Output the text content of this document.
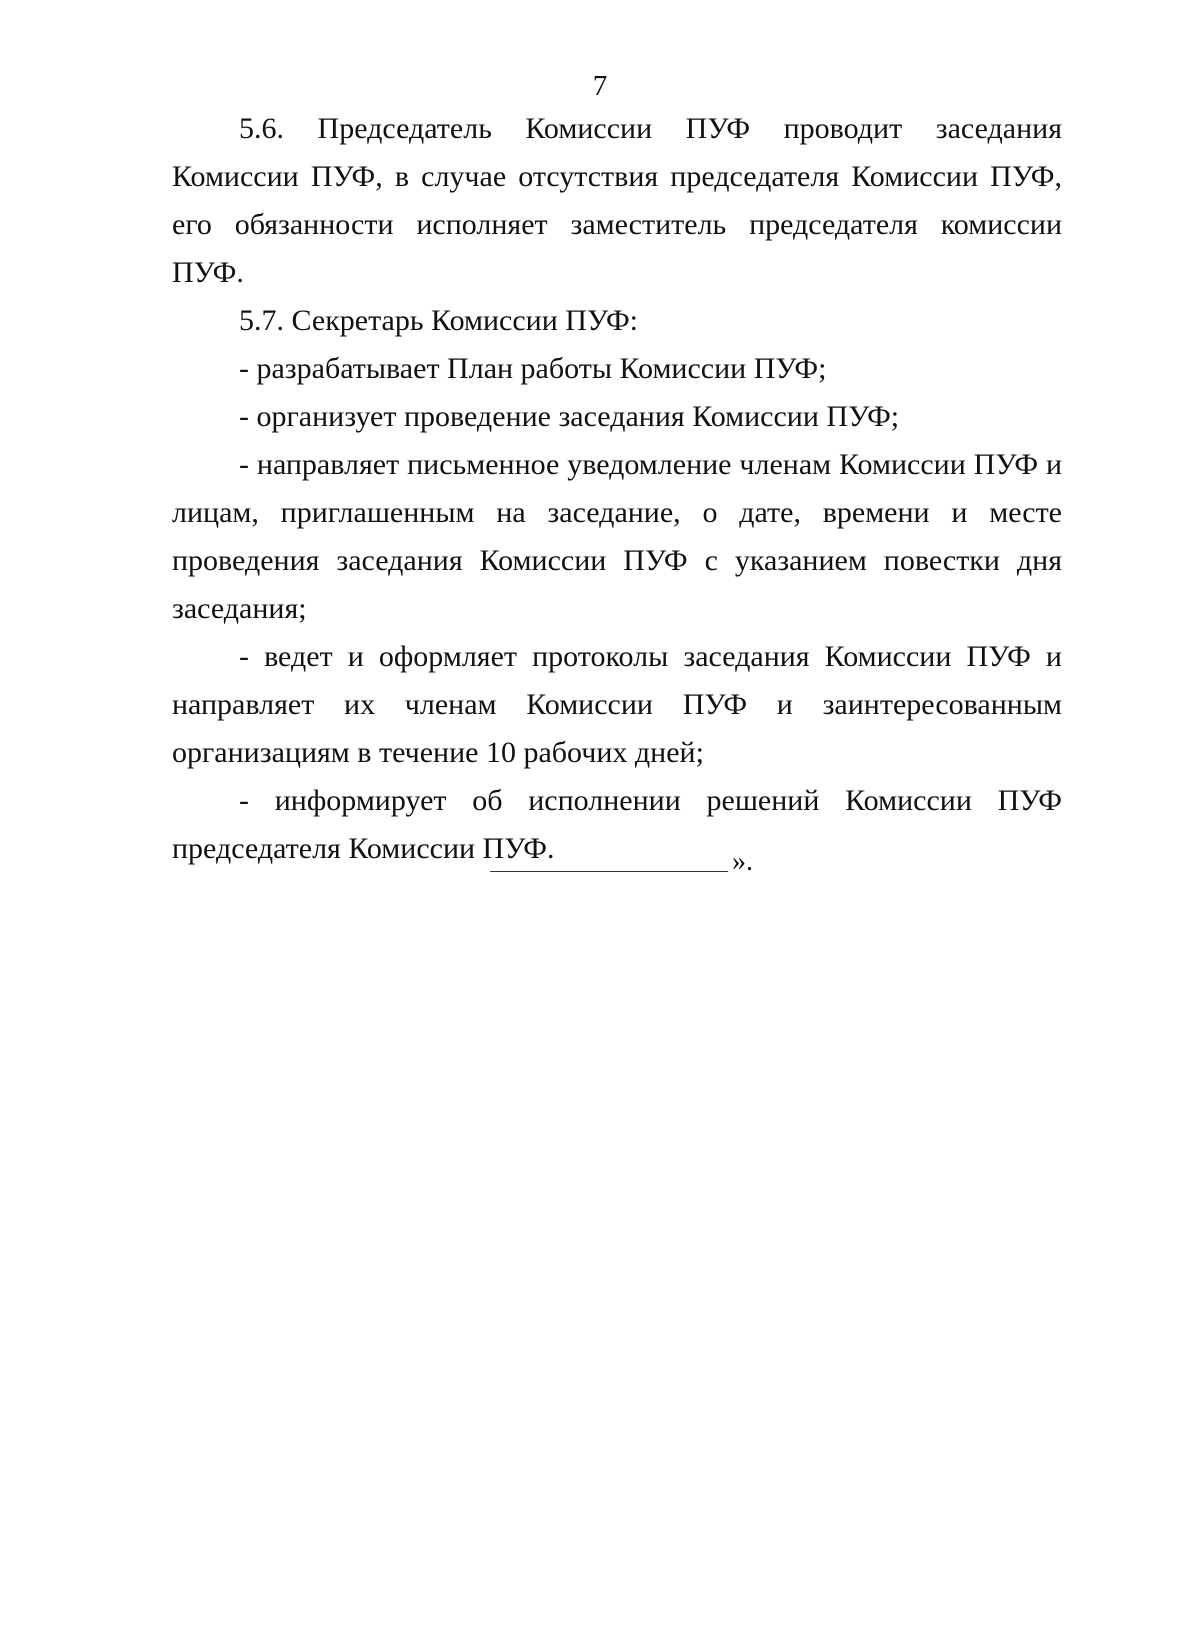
7

5.6. Председатель Комиссии ПУФ проводит заседания Комиссии ПУФ, в случае отсутствия председателя Комиссии ПУФ, его обязанности исполняет заместитель председателя комиссии ПУФ.

5.7. Секретарь Комиссии ПУФ:

- разрабатывает План работы Комиссии ПУФ;

- организует проведение заседания Комиссии ПУФ;

- направляет письменное уведомление членам Комиссии ПУФ и лицам, приглашенным на заседание, о дате, времени и месте проведения заседания Комиссии ПУФ с указанием повестки дня заседания;

- ведет и оформляет протоколы заседания Комиссии ПУФ и направляет их членам Комиссии ПУФ и заинтересованным организациям в течение 10 рабочих дней;

- информирует об исполнении решений Комиссии ПУФ председателя Комиссии ПУФ.	».
